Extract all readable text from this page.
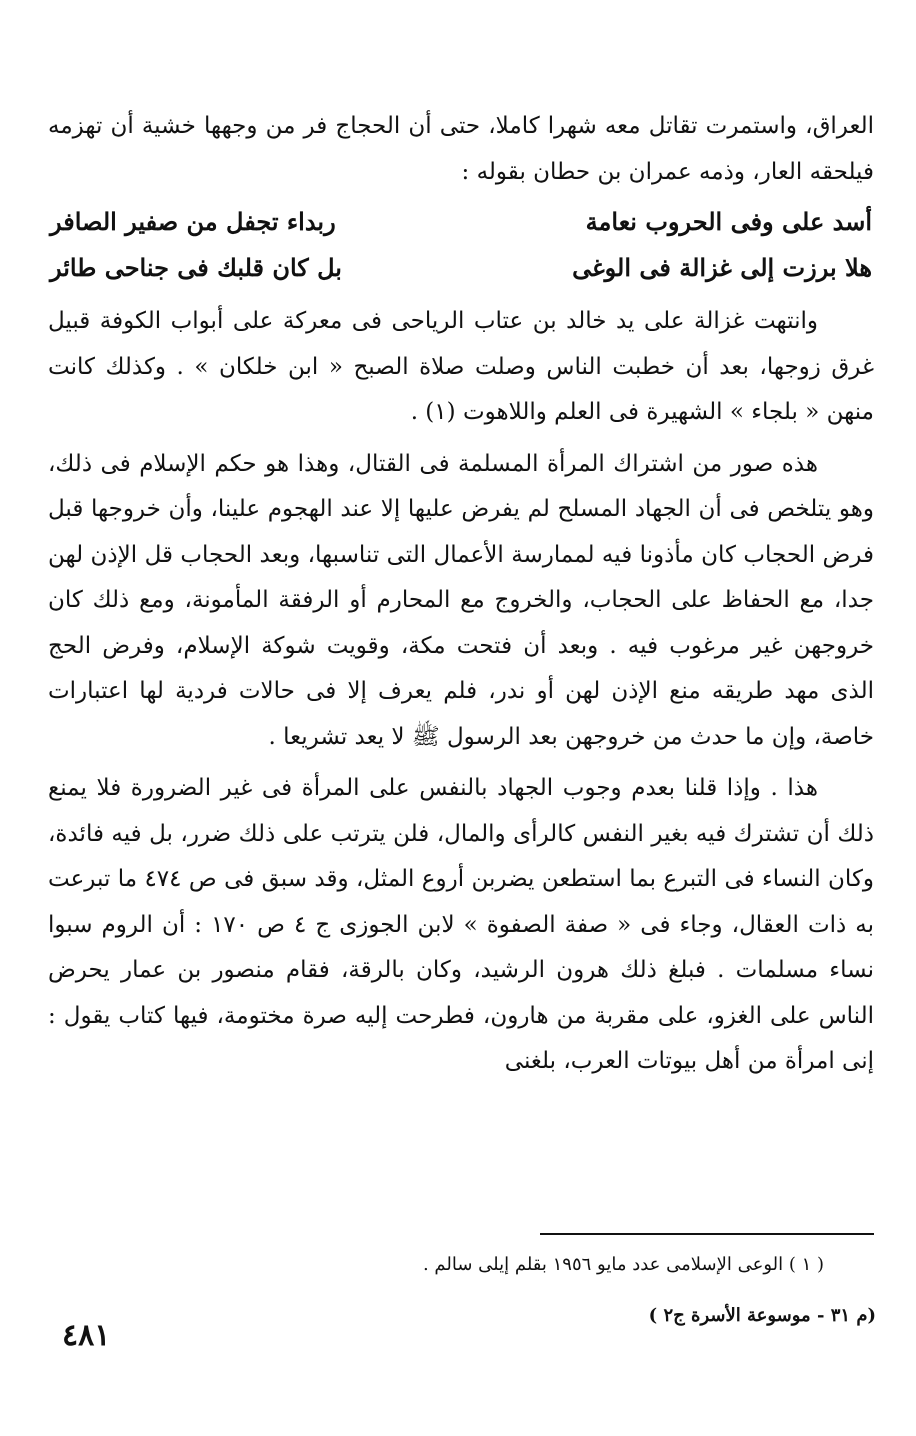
العراق، واستمرت تقاتل معه شهرا كاملا، حتى أن الحجاج فر من وجهها خشية أن تهزمه فيلحقه العار، وذمه عمران بن حطان بقوله :

أسد على وفى الحروب نعامة
ربداء تجفل من صفير الصافر
هلا برزت إلى غزالة فى الوغى
بل كان قلبك فى جناحى طائر

وانتهت غزالة على يد خالد بن عتاب الرياحى فى معركة على أبواب الكوفة قبيل غرق زوجها، بعد أن خطبت الناس وصلت صلاة الصبح « ابن خلكان » . وكذلك كانت منهن « بلجاء » الشهيرة فى العلم واللاهوت (١) .

هذه صور من اشتراك المرأة المسلمة فى القتال، وهذا هو حكم الإسلام فى ذلك، وهو يتلخص فى أن الجهاد المسلح لم يفرض عليها إلا عند الهجوم علينا، وأن خروجها قبل فرض الحجاب كان مأذونا فيه لممارسة الأعمال التى تناسبها، وبعد الحجاب قل الإذن لهن جدا، مع الحفاظ على الحجاب، والخروج مع المحارم أو الرفقة المأمونة، ومع ذلك كان خروجهن غير مرغوب فيه . وبعد أن فتحت مكة، وقويت شوكة الإسلام، وفرض الحج الذى مهد طريقه منع الإذن لهن أو ندر، فلم يعرف إلا فى حالات فردية لها اعتبارات خاصة، وإن ما حدث من خروجهن بعد الرسول ﷺ لا يعد تشريعا .

هذا . وإذا قلنا بعدم وجوب الجهاد بالنفس على المرأة فى غير الضرورة فلا يمنع ذلك أن تشترك فيه بغير النفس كالرأى والمال، فلن يترتب على ذلك ضرر، بل فيه فائدة، وكان النساء فى التبرع بما استطعن يضربن أروع المثل، وقد سبق فى ص ٤٧٤ ما تبرعت به ذات العقال، وجاء فى « صفة الصفوة » لابن الجوزى ج ٤ ص ١٧٠ : أن الروم سبوا نساء مسلمات . فبلغ ذلك هرون الرشيد، وكان بالرقة، فقام منصور بن عمار يحرض الناس على الغزو، على مقربة من هارون، فطرحت إليه صرة مختومة، فيها كتاب يقول : إنى امرأة من أهل بيوتات العرب، بلغنى

( ١ ) الوعى الإسلامى عدد مايو ١٩٥٦ بقلم إيلى سالم .
(م ٣١ - موسوعة الأسرة ج٢ )
٤٨١
